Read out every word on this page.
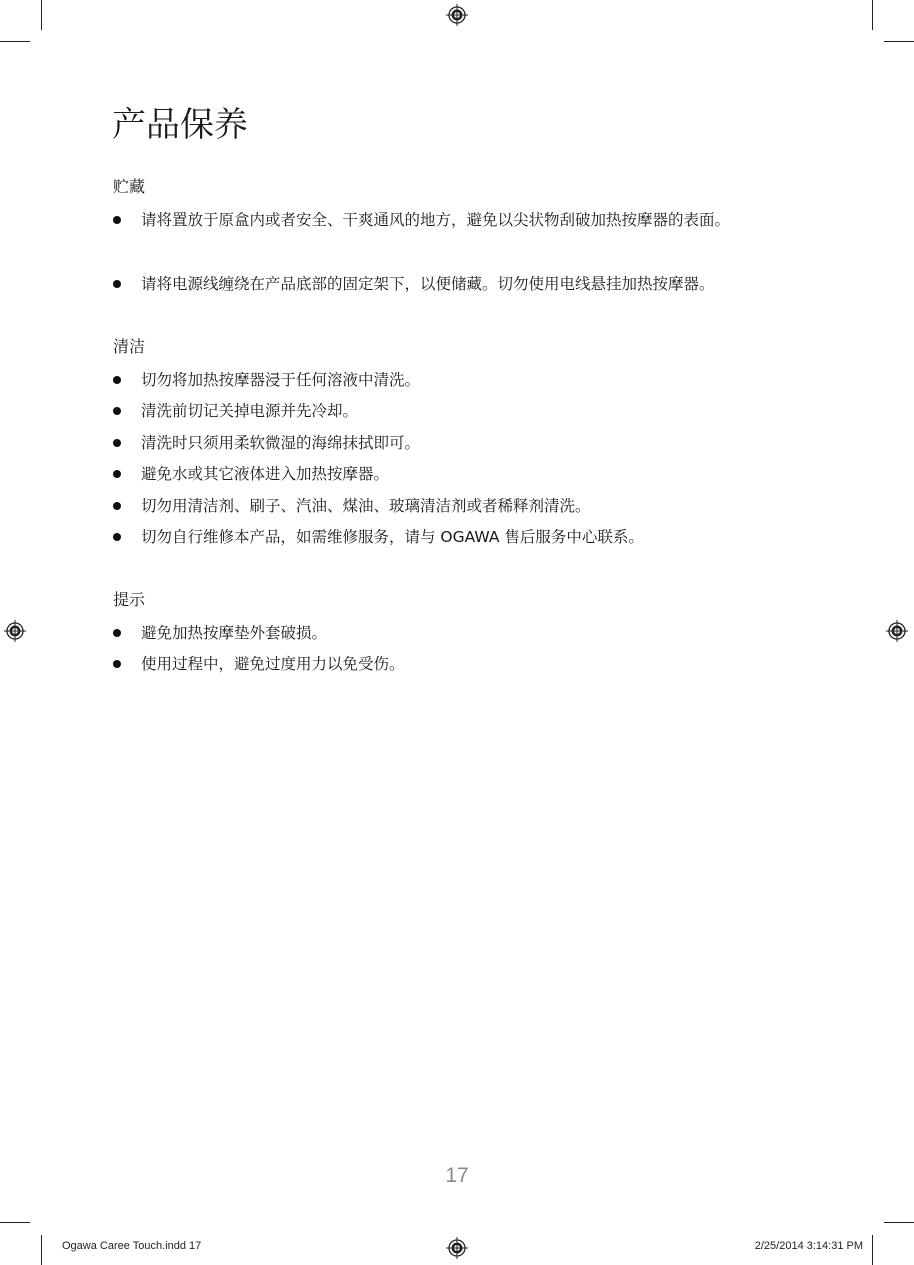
产品保养
贮藏
请将置放于原盒内或者安全、干爽通风的地方，避免以尖状物刮破加热按摩器的表面。
请将电源线缠绕在产品底部的固定架下，以便储藏。切勿使用电线悬挂加热按摩器。
清洁
切勿将加热按摩器浸于任何溶液中清洗。
清洗前切记关掉电源并先冷却。
清洗时只须用柔软微湿的海绵抹拭即可。
避免水或其它液体进入加热按摩器。
切勿用清洁剂、刷子、汽油、煤油、玻璃清洁剂或者稀释剂清洗。
切勿自行维修本产品，如需维修服务，请与 OGAWA 售后服务中心联系。
提示
避免加热按摩垫外套破损。
使用过程中，避免过度用力以免受伤。
17
Ogawa Caree Touch.indd 17	2/25/2014 3:14:31 PM
